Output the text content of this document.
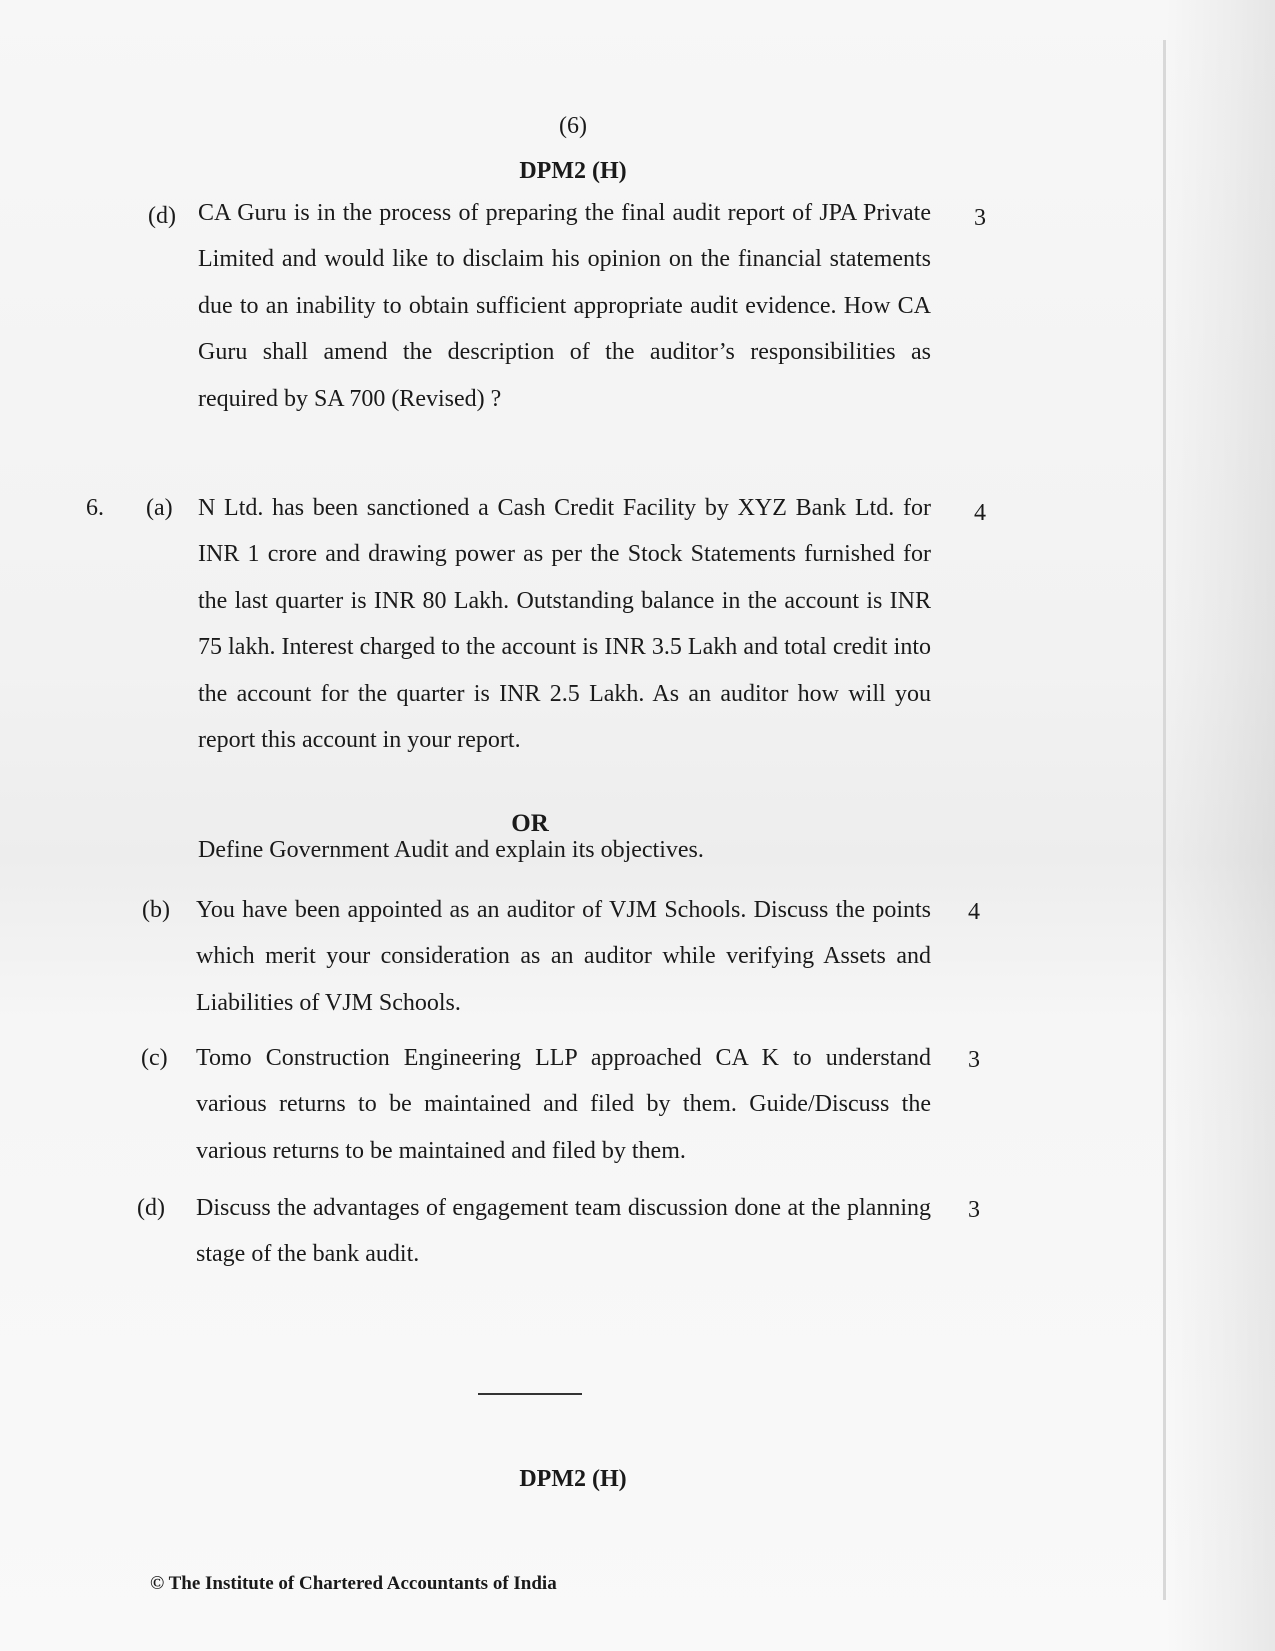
(6)
DPM2 (H)
(d) CA Guru is in the process of preparing the final audit report of JPA Private Limited and would like to disclaim his opinion on the financial statements due to an inability to obtain sufficient appropriate audit evidence. How CA Guru shall amend the description of the auditor’s responsibilities as required by SA 700 (Revised) ?
3
6. (a) N Ltd. has been sanctioned a Cash Credit Facility by XYZ Bank Ltd. for INR 1 crore and drawing power as per the Stock Statements furnished for the last quarter is INR 80 Lakh. Outstanding balance in the account is INR 75 lakh. Interest charged to the account is INR 3.5 Lakh and total credit into the account for the quarter is INR 2.5 Lakh. As an auditor how will you report this account in your report.
4
OR
Define Government Audit and explain its objectives.
(b) You have been appointed as an auditor of VJM Schools. Discuss the points which merit your consideration as an auditor while verifying Assets and Liabilities of VJM Schools.
4
(c) Tomo Construction Engineering LLP approached CA K to understand various returns to be maintained and filed by them. Guide/Discuss the various returns to be maintained and filed by them.
3
(d) Discuss the advantages of engagement team discussion done at the planning stage of the bank audit.
3
DPM2 (H)
© The Institute of Chartered Accountants of India
